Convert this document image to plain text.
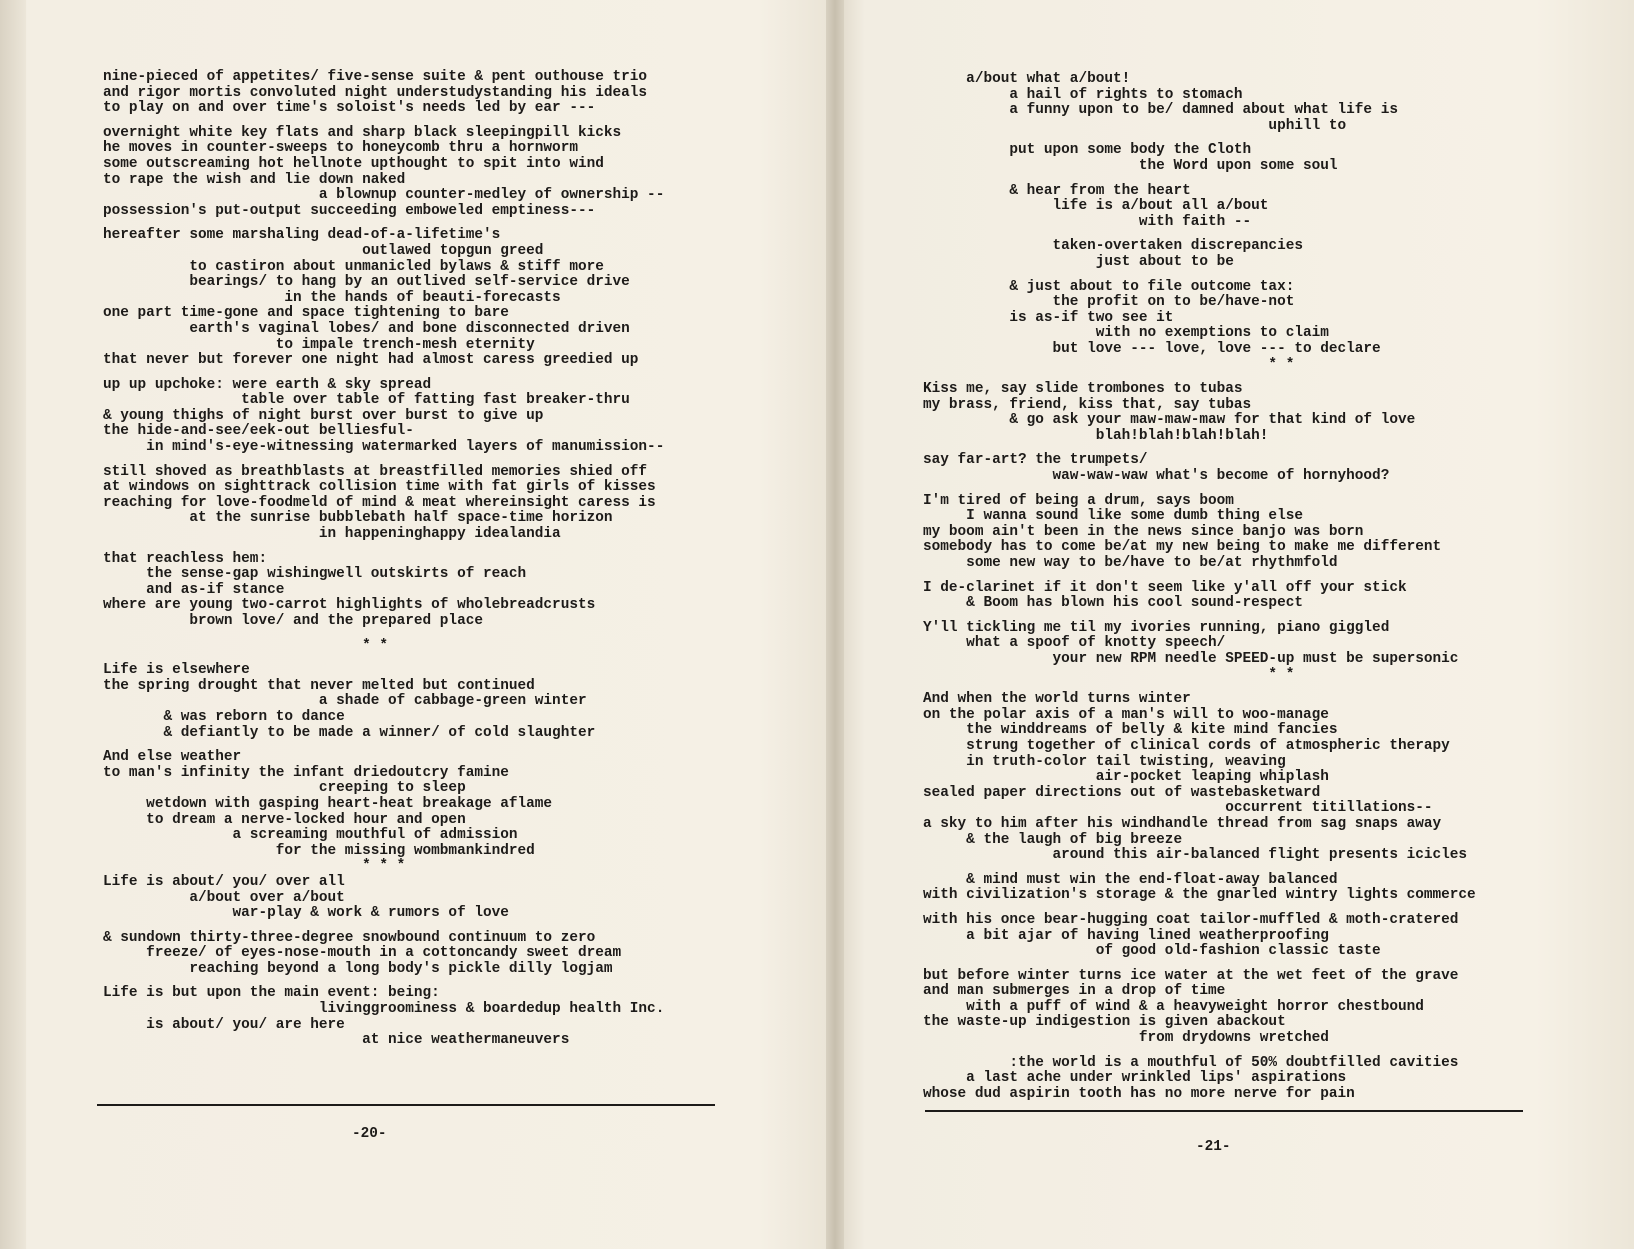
nine-pieced of appetites/ five-sense suite & pent outhouse trio
and rigor mortis convoluted night understudystanding his ideals
to play on and over time's soloist's needs led by ear ---
overnight white key flats and sharp black sleepingpill kicks
he moves in counter-sweeps to honeycomb thru a hornworm
some outscreaming hot hellnote upthought to spit into wind
to rape the wish and lie down naked
a blownup counter-medley of ownership --
possession's put-output succeeding emboweled emptiness---
hereafter some marshaling dead-of-a-lifetime's
outlawed topgun greed
to castiron about unmanicled bylaws & stiff more
bearings/ to hang by an outlived self-service drive
in the hands of beauti-forecasts
one part time-gone and space tightening to bare
earth's vaginal lobes/ and bone disconnected driven
to impale trench-mesh eternity
that never but forever one night had almost caress greedied up
up up upchoke: were earth & sky spread
table over table of fatting fast breaker-thru
& young thighs of night burst over burst to give up
the hide-and-see/eek-out belliesful-
in mind's-eye-witnessing watermarked layers of manumission--
still shoved as breathblasts at breastfilled memories shied off
at windows on sighttrack collision time with fat girls of kisses
reaching for love-foodmeld of mind & meat whereinsight caress is
at the sunrise bubblebath half space-time horizon
in happeninghappy idealandia
that reachless hem:
the sense-gap wishingwell outskirts of reach
and as-if stance
where are young two-carrot highlights of wholebreadcrusts
brown love/ and the prepared place
* *
Life is elsewhere
the spring drought that never melted but continued
a shade of cabbage-green winter
& was reborn to dance
& defiantly to be made a winner/ of cold slaughter
And else weather
to man's infinity the infant driedoutcry famine
creeping to sleep
wetdown with gasping heart-heat breakage aflame
to dream a nerve-locked hour and open
a screaming mouthful of admission
for the missing wombmankindred
* * *
Life is about/ you/ over all
a/bout over a/bout
war-play & work & rumors of love
& sundown thirty-three-degree snowbound continuum to zero
freeze/ of eyes-nose-mouth in a cottoncandy sweet dream
reaching beyond a long body's pickle dilly logjam
Life is but upon the main event: being:
livinggroominess & boardedup health Inc.
is about/ you/ are here
at nice weathermaneuvers
-20-
a/bout what a/bout!
a hail of rights to stomach
a funny upon to be/ damned about what life is
uphill to
put upon some body the Cloth
the Word upon some soul
& hear from the heart
life is a/bout all a/bout
with faith --
taken-overtaken discrepancies
just about to be
& just about to file outcome tax:
the profit on to be/have-not
is as-if two see it
with no exemptions to claim
but love --- love, love --- to declare
* *
Kiss me, say slide trombones to tubas
my brass, friend, kiss that, say tubas
& go ask your maw-maw-maw for that kind of love
blah!blah!blah!blah!
say far-art? the trumpets/
waw-waw-waw what's become of hornyhood?
I'm tired of being a drum, says boom
I wanna sound like some dumb thing else
my boom ain't been in the news since banjo was born
somebody has to come be/at my new being to make me different
some new way to be/have to be/at rhythmfold
I de-clarinet if it don't seem like y'all off your stick
& Boom has blown his cool sound-respect
Y'll tickling me til my ivories running, piano giggled
what a spoof of knotty speech/
your new RPM needle SPEED-up must be supersonic
* *
And when the world turns winter
on the polar axis of a man's will to woo-manage
the winddreams of belly & kite mind fancies
strung together of clinical cords of atmospheric therapy
in truth-color tail twisting, weaving
air-pocket leaping whiplash
sealed paper directions out of wastebasketward
occurrent titillations--
a sky to him after his windhandle thread from sag snaps away
& the laugh of big breeze
around this air-balanced flight presents icicles
& mind must win the end-float-away balanced
with civilization's storage & the gnarled wintry lights commerce
with his once bear-hugging coat tailor-muffled & moth-cratered
a bit ajar of having lined weatherproofing
of good old-fashion classic taste
but before winter turns ice water at the wet feet of the grave
and man submerges in a drop of time
with a puff of wind & a heavyweight horror chestbound
the waste-up indigestion is given abackout
from drydowns wretched
:the world is a mouthful of 50% doubtfilled cavities
a last ache under wrinkled lips' aspirations
whose dud aspirin tooth has no more nerve for pain
-21-
